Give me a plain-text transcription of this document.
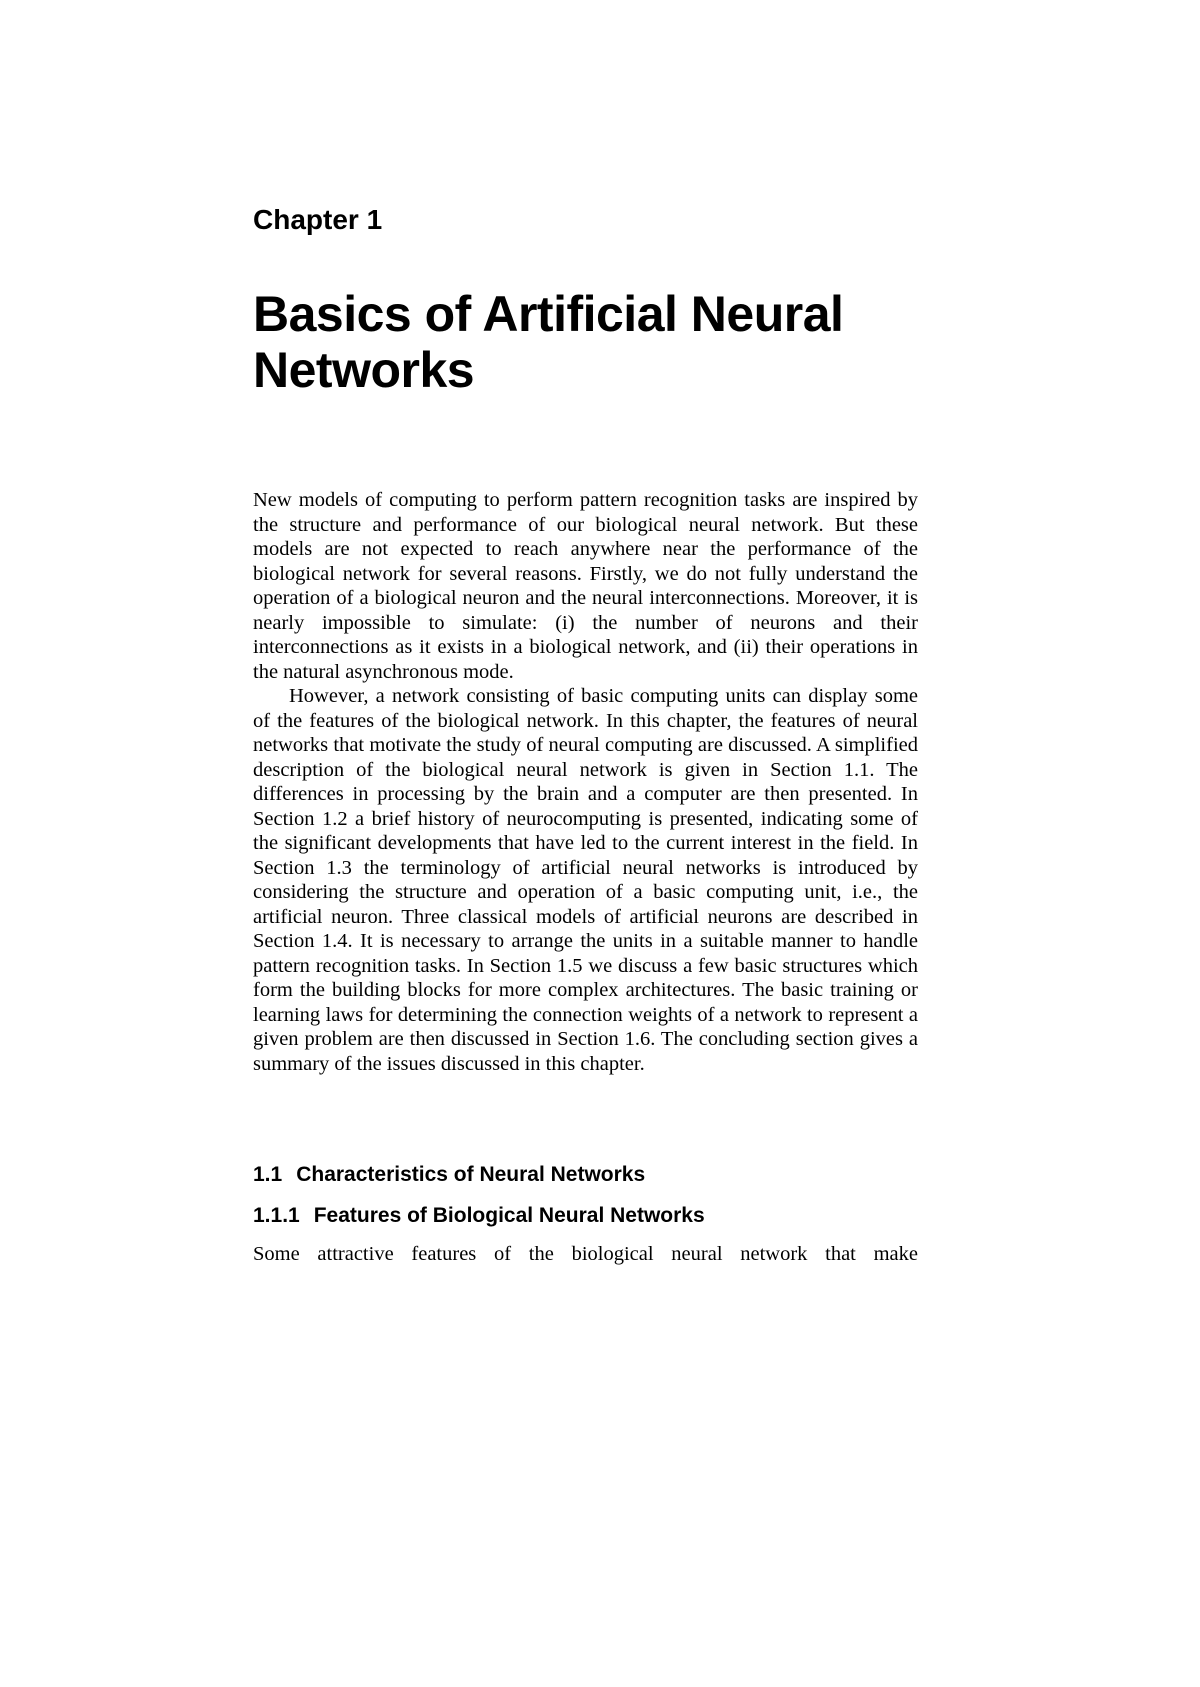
Chapter 1
Basics of Artificial Neural Networks

New models of computing to perform pattern recognition tasks are inspired by the structure and performance of our biological neural network. But these models are not expected to reach anywhere near the performance of the biological network for several reasons. Firstly, we do not fully understand the operation of a biological neuron and the neural interconnections. Moreover, it is nearly impossible to simulate: (i) the number of neurons and their interconnections as it exists in a biological network, and (ii) their operations in the natural asynchronous mode.

However, a network consisting of basic computing units can display some of the features of the biological network. In this chapter, the features of neural networks that motivate the study of neural computing are discussed. A simplified description of the biological neural network is given in Section 1.1. The differences in processing by the brain and a computer are then presented. In Section 1.2 a brief history of neurocomputing is presented, indicating some of the significant developments that have led to the current interest in the field. In Section 1.3 the terminology of artificial neural networks is introduced by considering the structure and operation of a basic computing unit, i.e., the artificial neuron. Three classical models of artificial neurons are described in Section 1.4. It is necessary to arrange the units in a suitable manner to handle pattern recognition tasks. In Section 1.5 we discuss a few basic structures which form the building blocks for more complex architectures. The basic training or learning laws for determining the connection weights of a network to represent a given problem are then discussed in Section 1.6. The concluding section gives a summary of the issues discussed in this chapter.

1.1 Characteristics of Neural Networks
1.1.1 Features of Biological Neural Networks

Some attractive features of the biological neural network that make
